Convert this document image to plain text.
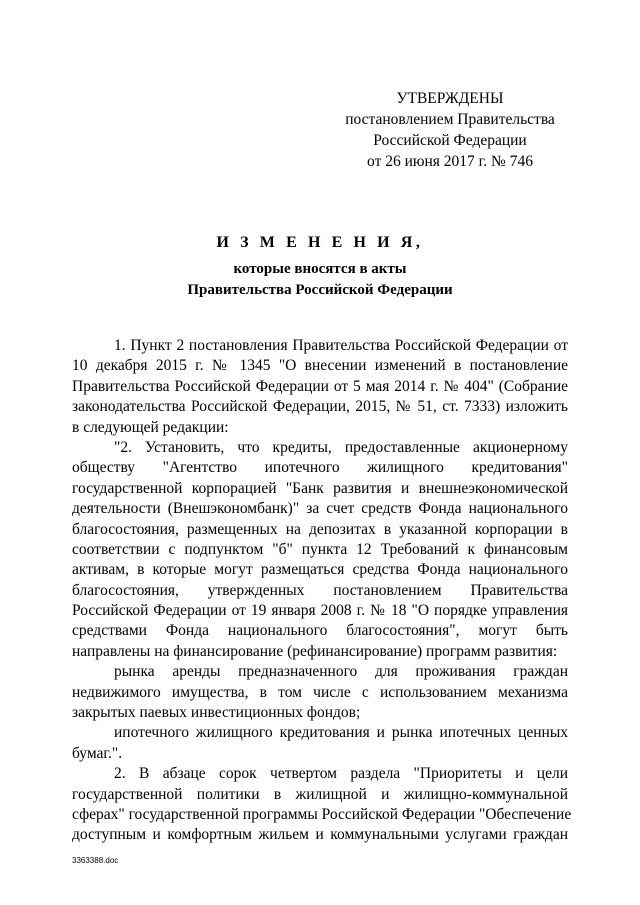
УТВЕРЖДЕНЫ
постановлением Правительства
Российской Федерации
от 26 июня 2017 г. № 746
И З М Е Н Е Н И Я,
которые вносятся в акты
Правительства Российской Федерации
1. Пункт 2 постановления Правительства Российской Федерации от
10 декабря 2015 г. № 1345 "О внесении изменений в постановление
Правительства Российской Федерации от 5 мая 2014 г. № 404" (Собрание
законодательства Российской Федерации, 2015, № 51, ст. 7333) изложить
в следующей редакции:
"2. Установить, что кредиты, предоставленные акционерному
обществу "Агентство ипотечного жилищного кредитования"
государственной корпорацией "Банк развития и внешнеэкономической
деятельности (Внешэкономбанк)" за счет средств Фонда национального
благосостояния, размещенных на депозитах в указанной корпорации в
соответствии с подпунктом "б" пункта 12 Требований к финансовым
активам, в которые могут размещаться средства Фонда национального
благосостояния, утвержденных постановлением Правительства
Российской Федерации от 19 января 2008 г. № 18 "О порядке управления
средствами Фонда национального благосостояния", могут быть
направлены на финансирование (рефинансирование) программ развития:
рынка аренды предназначенного для проживания граждан
недвижимого имущества, в том числе с использованием механизма
закрытых паевых инвестиционных фондов;
ипотечного жилищного кредитования и рынка ипотечных ценных
бумаг.".
2. В абзаце сорок четвертом раздела "Приоритеты и цели
государственной политики в жилищной и жилищно-коммунальной
сферах" государственной программы Российской Федерации "Обеспечение
доступным и комфортным жильем и коммунальными услугами граждан
3363388.doc
